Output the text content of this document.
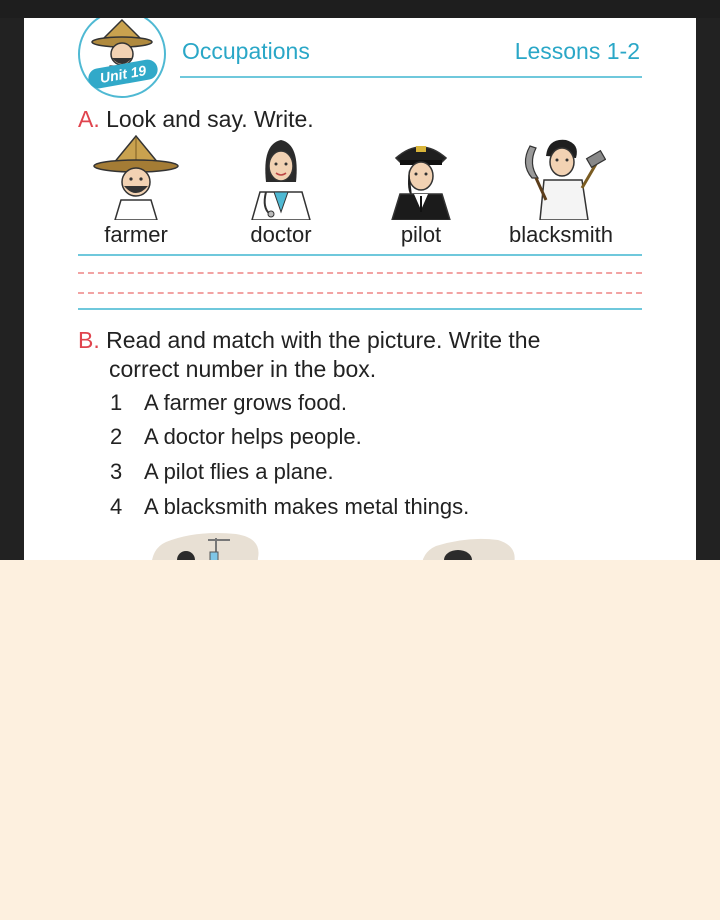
Unit 19
Occupations	Lessons 1-2
A. Look and say. Write.
farmer	doctor	pilot	blacksmith
B. Read and match with the picture. Write the
correct number in the box.
1 A farmer grows food.
2 A doctor helps people.
3 A pilot flies a plane.
4 A blacksmith makes metal things.
